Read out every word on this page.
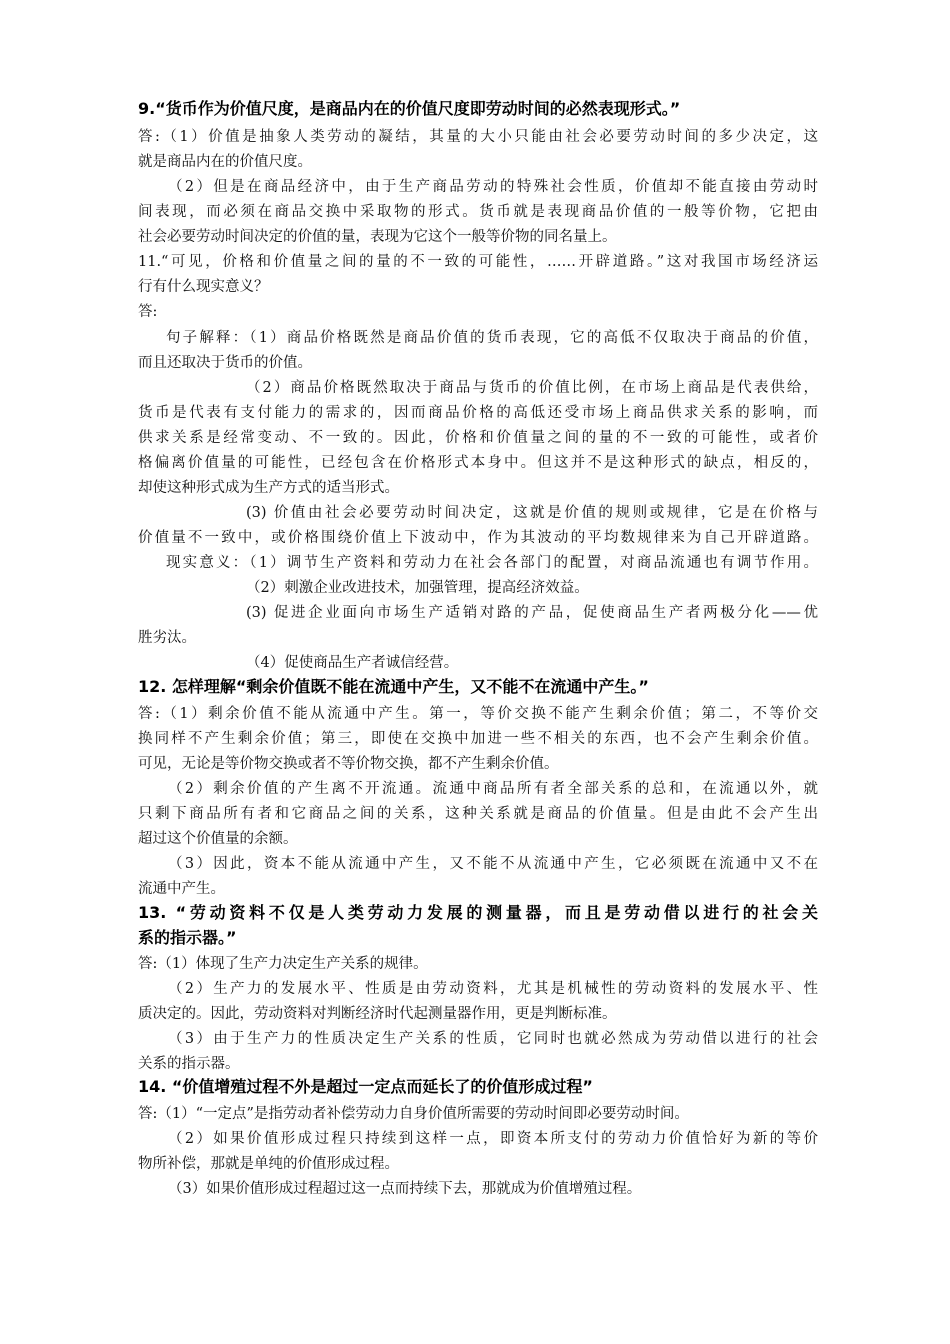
9.“货币作为价值尺度，是商品内在的价值尺度即劳动时间的必然表现形式。”
答:（1）价值是抽象人类劳动的凝结，其量的大小只能由社会必要劳动时间的多少决定，这
就是商品内在的价值尺度。
（2）但是在商品经济中，由于生产商品劳动的特殊社会性质，价值却不能直接由劳动时
间表现，而必须在商品交换中采取物的形式。货币就是表现商品价值的一般等价物，它把由
社会必要劳动时间决定的价值的量，表现为它这个一般等价物的同名量上。
11.“可见，价格和价值量之间的量的不一致的可能性，……开辟道路。”这对我国市场经济运
行有什么现实意义？
答:
句子解释：（1）商品价格既然是商品价值的货币表现，它的高低不仅取决于商品的价值，
而且还取决于货币的价值。
（2）商品价格既然取决于商品与货币的价值比例，在市场上商品是代表供给，
货币是代表有支付能力的需求的，因而商品价格的高低还受市场上商品供求关系的影响，而
供求关系是经常变动、不一致的。因此，价格和价值量之间的量的不一致的可能性，或者价
格偏离价值量的可能性，已经包含在价格形式本身中。但这并不是这种形式的缺点，相反的，
却使这种形式成为生产方式的适当形式。
(3) 价值由社会必要劳动时间决定，这就是价值的规则或规律，它是在价格与
价值量不一致中，或价格围绕价值上下波动中，作为其波动的平均数规律来为自己开辟道路。
现实意义：（1）调节生产资料和劳动力在社会各部门的配置，对商品流通也有调节作用。
（2）刺激企业改进技术，加强管理，提高经济效益。
(3) 促进企业面向市场生产适销对路的产品，促使商品生产者两极分化——优
胜劣汰。
（4）促使商品生产者诚信经营。
12. 怎样理解“剩余价值既不能在流通中产生，又不能不在流通中产生。”
答:（1）剩余价值不能从流通中产生。第一，等价交换不能产生剩余价值；第二，不等价交
换同样不产生剩余价值；第三，即使在交换中加进一些不相关的东西，也不会产生剩余价值。
可见，无论是等价物交换或者不等价物交换，都不产生剩余价值。
（2）剩余价值的产生离不开流通。流通中商品所有者全部关系的总和，在流通以外，就
只剩下商品所有者和它商品之间的关系，这种关系就是商品的价值量。但是由此不会产生出
超过这个价值量的余额。
（3）因此，资本不能从流通中产生，又不能不从流通中产生，它必须既在流通中又不在
流通中产生。
13. “劳动资料不仅是人类劳动力发展的测量器，而且是劳动借以进行的社会关
系的指示器。”
答:（1）体现了生产力决定生产关系的规律。
（2）生产力的发展水平、性质是由劳动资料，尤其是机械性的劳动资料的发展水平、性
质决定的。因此，劳动资料对判断经济时代起测量器作用，更是判断标准。
（3）由于生产力的性质决定生产关系的性质，它同时也就必然成为劳动借以进行的社会
关系的指示器。
14. “价值增殖过程不外是超过一定点而延长了的价值形成过程”
答:（1）“一定点”是指劳动者补偿劳动力自身价值所需要的劳动时间即必要劳动时间。
（2）如果价值形成过程只持续到这样一点，即资本所支付的劳动力价值恰好为新的等价
物所补偿，那就是单纯的价值形成过程。
（3）如果价值形成过程超过这一点而持续下去，那就成为价值增殖过程。
